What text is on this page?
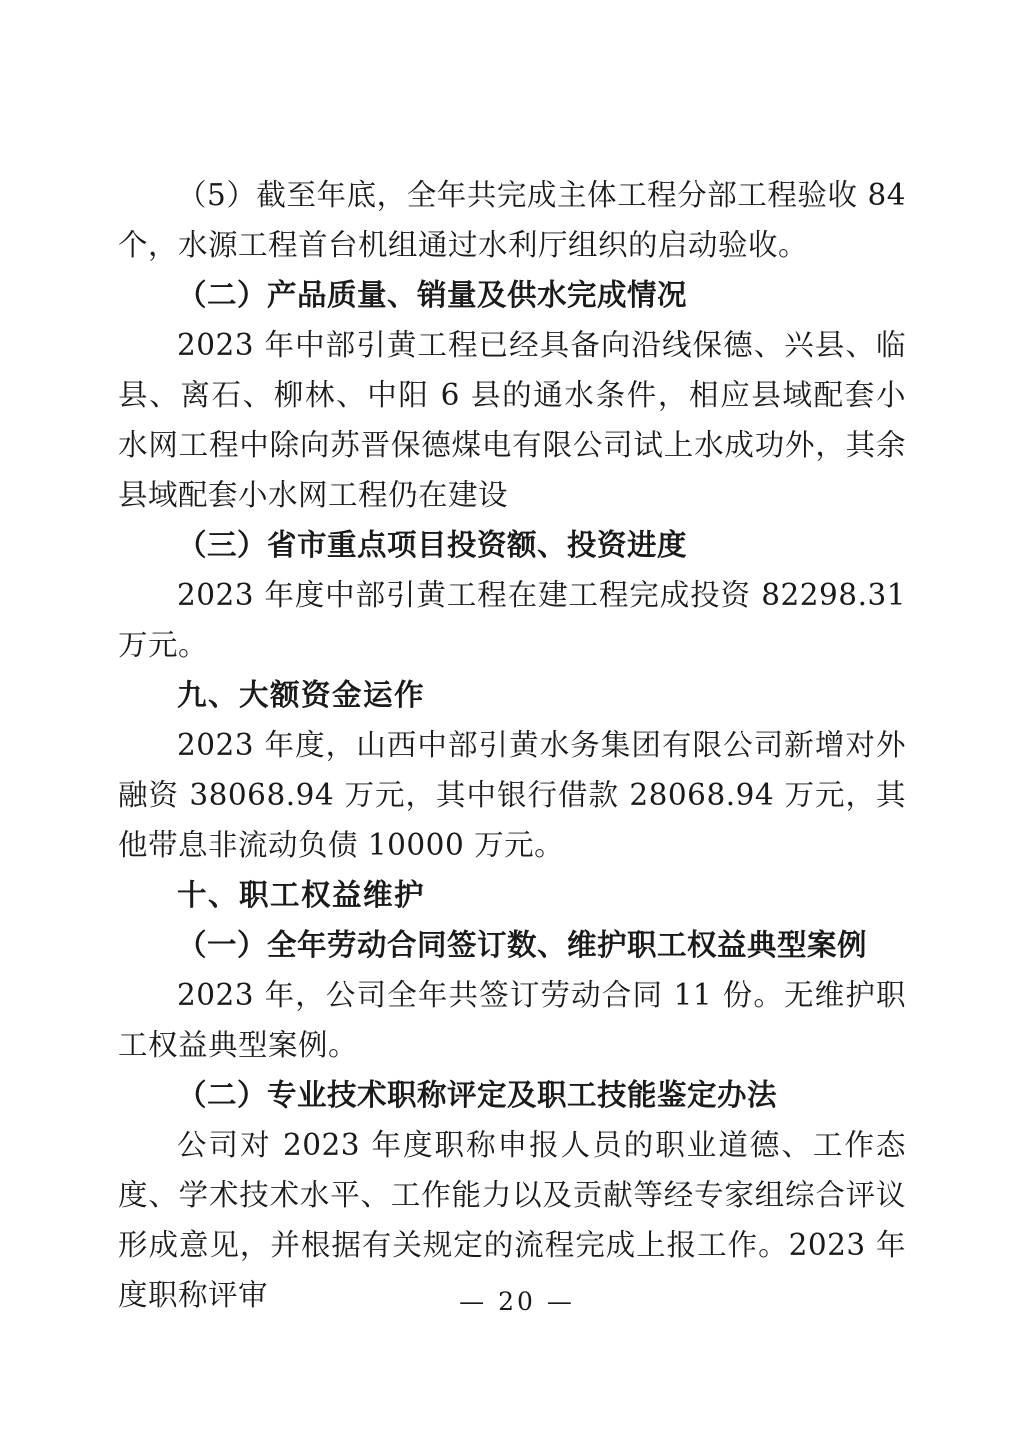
（5）截至年底，全年共完成主体工程分部工程验收 84 个，水源工程首台机组通过水利厅组织的启动验收。

（二）产品质量、销量及供水完成情况

2023 年中部引黄工程已经具备向沿线保德、兴县、临县、离石、柳林、中阳 6 县的通水条件，相应县域配套小水网工程中除向苏晋保德煤电有限公司试上水成功外，其余县域配套小水网工程仍在建设

（三）省市重点项目投资额、投资进度

2023 年度中部引黄工程在建工程完成投资 82298.31 万元。

九、大额资金运作

2023 年度，山西中部引黄水务集团有限公司新增对外融资 38068.94 万元，其中银行借款 28068.94 万元，其他带息非流动负债 10000 万元。

十、职工权益维护

（一）全年劳动合同签订数、维护职工权益典型案例

2023 年，公司全年共签订劳动合同 11 份。无维护职工权益典型案例。

（二）专业技术职称评定及职工技能鉴定办法

公司对 2023 年度职称申报人员的职业道德、工作态度、学术技术水平、工作能力以及贡献等经专家组综合评议形成意见，并根据有关规定的流程完成上报工作。2023 年度职称评审	— 20 —
